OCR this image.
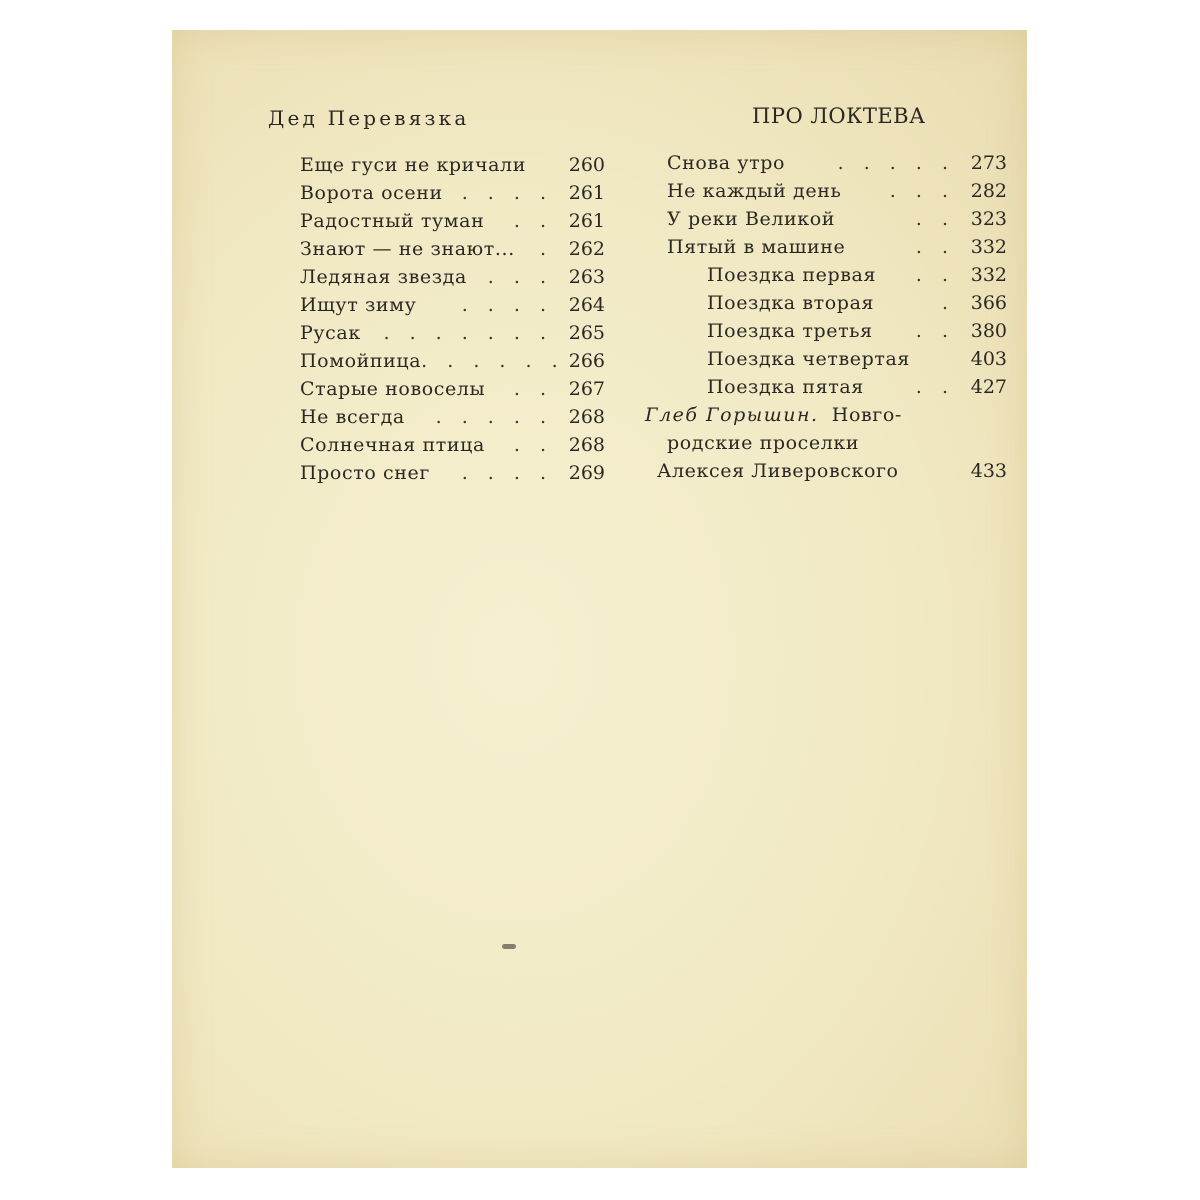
Дед Перевязка	ПРО ЛОКТЕВА
Еще гуси не кричали 260
Ворота осени . . . . 261
Радостный туман	. . 261
Знают — не знают...	. 262
Ледяная звезда	. . . 263
Ищут зиму	. . . . 264
Русак	. . . . . . . 265
Помойпица . . . . . . 266
Старые новоселы	. . 267
Не всегда	. . . . . 268
Солнечная птица	. . 268
Просто снег	. . . . 269
Снова утро	. . . . . 273
Не каждый день	. . . 282
У реки Великой	. . 323
Пятый в машине	. . 332
Поездка первая	. . 332
Поездка вторая	. 366
Поездка третья	. . 380
Поездка четвертая	403
Поездка пятая	. . 427
Глеб Горышин. Новго-
родские проселки
Алексея Ливеровского	433
